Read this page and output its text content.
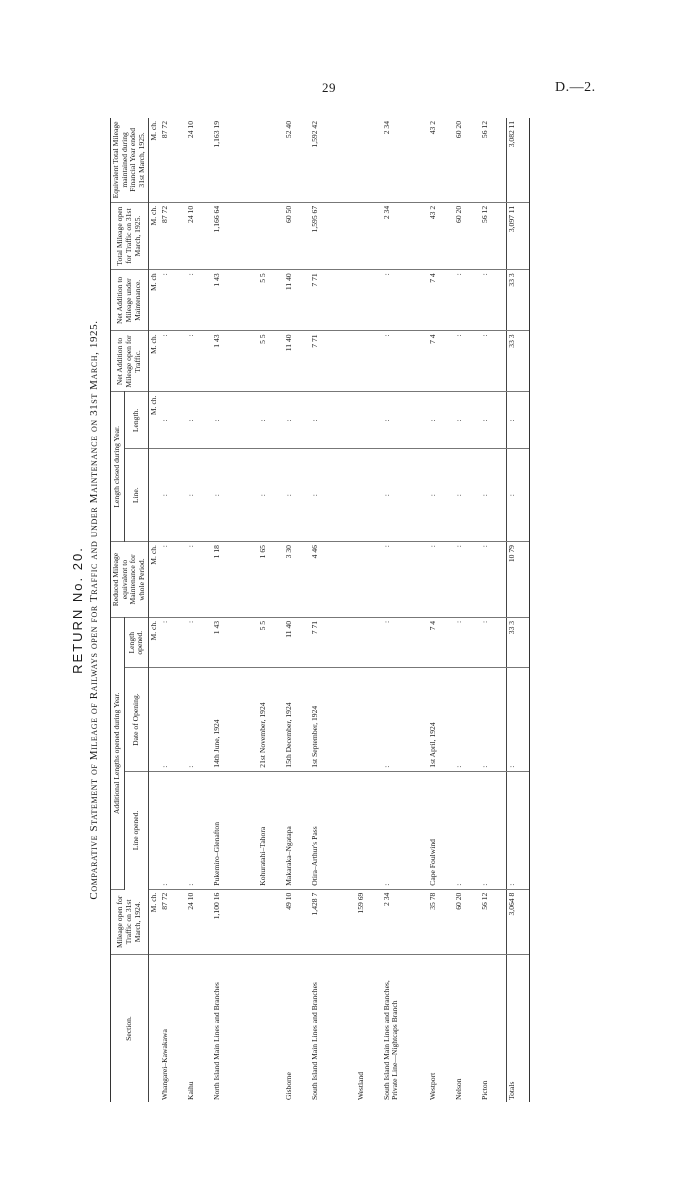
29	D.—2.
RETURN No. 20. Comparative Statement of Mileage of Railways open for Traffic and under Maintenance on 31st March, 1925.
Section.	Mileage open for Traffic on 31st March, 1924.	Additional Lengths opened during Year.			Reduced Mileage equivalent to Maintenance for whole Period.	Length closed during Year.		Net Addition to Mileage open for Traffic.	Net Addition to Mileage under Maintenance.	Total Mileage open for Traffic on 31st March, 1925.	Equivalent Total Mileage maintained during Financial Year ended 31st March, 1925.
		Line opened.	Date of Opening.	Length opened.		Line.	Length.				
	M. ch.			M. ch.	M. ch.		M. ch.	M. ch.	M. ch	M. ch.	M. ch.
Whangarei–Kawakawa	87 72	:	:	:	:	:	:	:	:	87 72	87 72
Kaihu	24 10	:	:	:	:	:	:	:	:	24 10	24 10
North Island Main Lines and Branches	1,100 16	Pukemiro–Glenafton	14th June, 1924	1 43	1 18	:	:	1 43	1 43	1,166 64	1,163 19
		Kohuratahi–Tahora	21st November, 1924	5 5	1 65	:	:	5 5	5 5		
Gisborne	49 10	Makaraka–Ngatapa	15th December, 1924	11 40	3 30	:	:	11 40	11 40	60 50	52 40
South Island Main Lines and Branches	1,428 7	Otira–Arthur's Pass	1st September, 1924	7 71	4 46	:	:	7 71	7 71	1,595 67	1,592 42
Westland	159 69										
South Island Main Lines and Branches, Private Line—Nightcaps Branch	2 34	:	:	:	:	:	:	:	:	2 34	2 34
Westport	35 78	Cape Foulwind	1st April, 1924	7 4	:	:	:	7 4	7 4	43 2	43 2
Nelson	60 20	:	:	:	:	:	:	:	:	60 20	60 20
Picton	56 12	:	:	:	:	:	:	:	:	56 12	56 12
Totals	3,064 8	:	:	33 3	10 79	:	:	33 3	33 3	3,097 11	3,082 11
